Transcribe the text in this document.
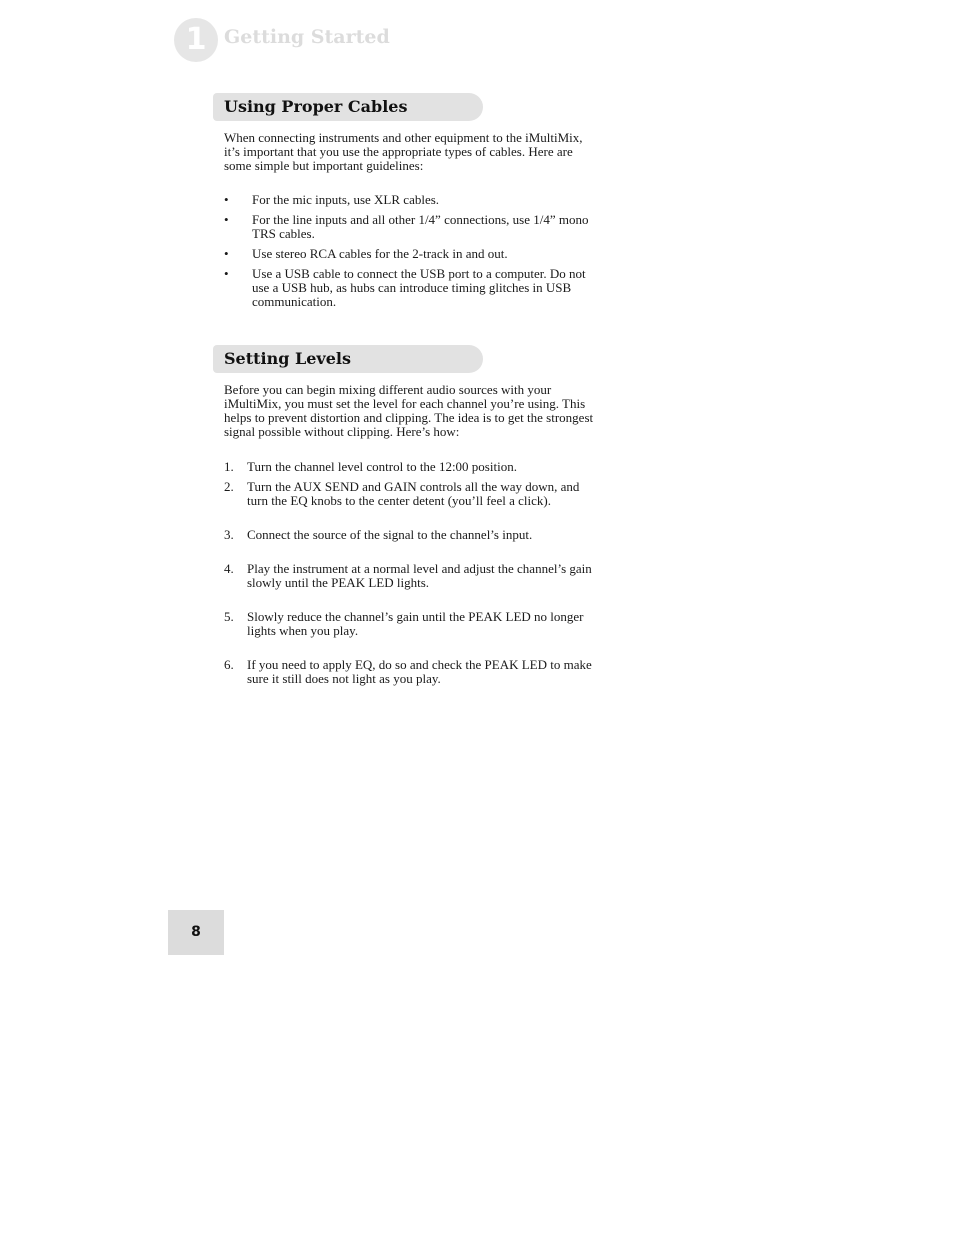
1 Getting Started
Using Proper Cables

When connecting instruments and other equipment to the iMultiMix, it’s important that you use the appropriate types of cables. Here are some simple but important guidelines:

• For the mic inputs, use XLR cables.
• For the line inputs and all other 1/4” connections, use 1/4” mono TRS cables.
• Use stereo RCA cables for the 2-track in and out.
• Use a USB cable to connect the USB port to a computer. Do not use a USB hub, as hubs can introduce timing glitches in USB communication.
Setting Levels

Before you can begin mixing different audio sources with your iMultiMix, you must set the level for each channel you’re using. This helps to prevent distortion and clipping. The idea is to get the strongest signal possible without clipping. Here’s how:

1. Turn the channel level control to the 12:00 position.
2. Turn the AUX SEND and GAIN controls all the way down, and turn the EQ knobs to the center detent (you’ll feel a click).
3. Connect the source of the signal to the channel’s input.
4. Play the instrument at a normal level and adjust the channel’s gain slowly until the PEAK LED lights.
5. Slowly reduce the channel’s gain until the PEAK LED no longer lights when you play.
6. If you need to apply EQ, do so and check the PEAK LED to make sure it still does not light as you play.
8
